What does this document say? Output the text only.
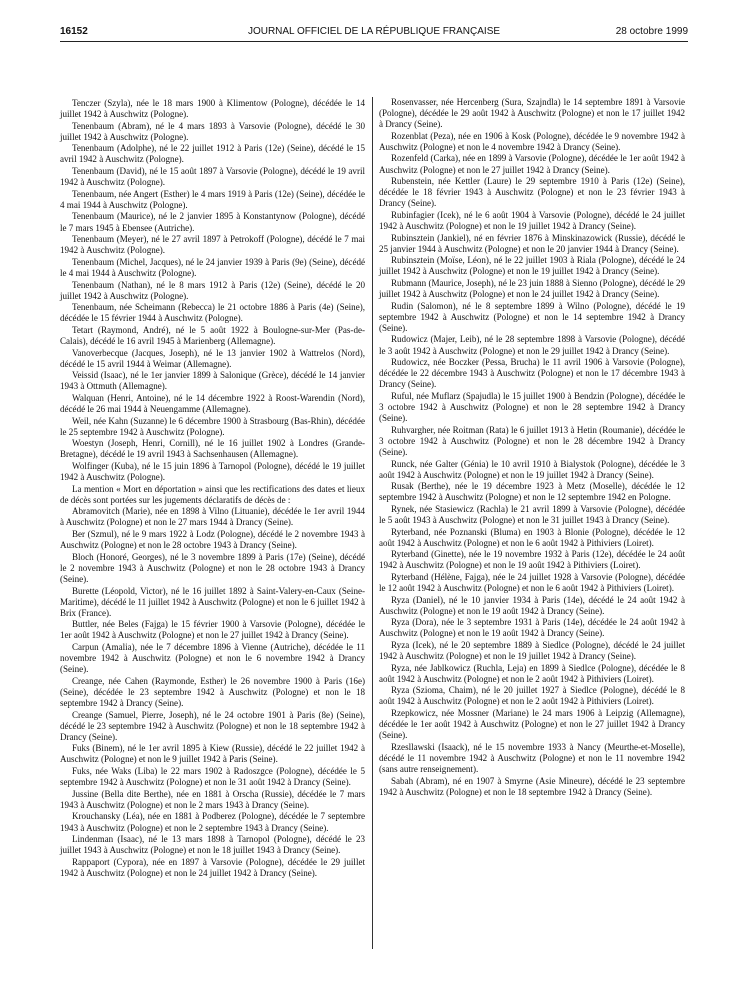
16152	JOURNAL OFFICIEL DE LA RÉPUBLIQUE FRANÇAISE	28 octobre 1999

Tenczer (Szyla), née le 18 mars 1900 à Klimentow (Pologne), décédée le 14 juillet 1942 à Auschwitz (Pologne).

Tenenbaum (Abram), né le 4 mars 1893 à Varsovie (Pologne), décédé le 30 juillet 1942 à Auschwitz (Pologne).

Tenenbaum (Adolphe), né le 22 juillet 1912 à Paris (12e) (Seine), décédé le 15 avril 1942 à Auschwitz (Pologne).

Tenenbaum (David), né le 15 août 1897 à Varsovie (Pologne), décédé le 19 avril 1942 à Auschwitz (Pologne).

Tenenbaum, née Angert (Esther) le 4 mars 1919 à Paris (12e) (Seine), décédée le 4 mai 1944 à Auschwitz (Pologne).

Tenenbaum (Maurice), né le 2 janvier 1895 à Konstantynow (Pologne), décédé le 7 mars 1945 à Ebensee (Autriche).

Tenenbaum (Meyer), né le 27 avril 1897 à Petrokoff (Pologne), décédé le 7 mai 1942 à Auschwitz (Pologne).

Tenenbaum (Michel, Jacques), né le 24 janvier 1939 à Paris (9e) (Seine), décédé le 4 mai 1944 à Auschwitz (Pologne).

Tenenbaum (Nathan), né le 8 mars 1912 à Paris (12e) (Seine), décédé le 20 juillet 1942 à Auschwitz (Pologne).

Tenenbaum, née Scheimann (Rebecca) le 21 octobre 1886 à Paris (4e) (Seine), décédée le 15 février 1944 à Auschwitz (Pologne).

Tetart (Raymond, André), né le 5 août 1922 à Boulogne-sur-Mer (Pas-de-Calais), décédé le 16 avril 1945 à Marienberg (Allemagne).

Vanoverbecque (Jacques, Joseph), né le 13 janvier 1902 à Wattrelos (Nord), décédé le 15 avril 1944 à Weimar (Allemagne).

Veissid (Isaac), né le 1er janvier 1899 à Salonique (Grèce), décédé le 14 janvier 1943 à Ottmuth (Allemagne).

Walquan (Henri, Antoine), né le 14 décembre 1922 à Roost-Warendin (Nord), décédé le 26 mai 1944 à Neuengamme (Allemagne).

Weil, née Kahn (Suzanne) le 6 décembre 1900 à Strasbourg (Bas-Rhin), décédée le 25 septembre 1942 à Auschwitz (Pologne).

Woestyn (Joseph, Henri, Cornill), né le 16 juillet 1902 à Londres (Grande-Bretagne), décédé le 19 avril 1943 à Sachsenhausen (Allemagne).

Wolfinger (Kuba), né le 15 juin 1896 à Tarnopol (Pologne), décédé le 19 juillet 1942 à Auschwitz (Pologne).

La mention « Mort en déportation » ainsi que les rectifications des dates et lieux de décès sont portées sur les jugements déclaratifs de décès de :

Abramovitch (Marie), née en 1898 à Vilno (Lituanie), décédée le 1er avril 1944 à Auschwitz (Pologne) et non le 27 mars 1944 à Drancy (Seine).

Ber (Szmul), né le 9 mars 1922 à Lodz (Pologne), décédé le 2 novembre 1943 à Auschwitz (Pologne) et non le 28 octobre 1943 à Drancy (Seine).

Bloch (Honoré, Georges), né le 3 novembre 1899 à Paris (17e) (Seine), décédé le 2 novembre 1943 à Auschwitz (Pologne) et non le 28 octobre 1943 à Drancy (Seine).

Burette (Léopold, Victor), né le 16 juillet 1892 à Saint-Valery-en-Caux (Seine-Maritime), décédé le 11 juillet 1942 à Auschwitz (Pologne) et non le 6 juillet 1942 à Brix (France).

Buttler, née Beles (Fajga) le 15 février 1900 à Varsovie (Pologne), décédée le 1er août 1942 à Auschwitz (Pologne) et non le 27 juillet 1942 à Drancy (Seine).

Carpun (Amalia), née le 7 décembre 1896 à Vienne (Autriche), décédée le 11 novembre 1942 à Auschwitz (Pologne) et non le 6 novembre 1942 à Drancy (Seine).

Creange, née Cahen (Raymonde, Esther) le 26 novembre 1900 à Paris (16e) (Seine), décédée le 23 septembre 1942 à Auschwitz (Pologne) et non le 18 septembre 1942 à Drancy (Seine).

Creange (Samuel, Pierre, Joseph), né le 24 octobre 1901 à Paris (8e) (Seine), décédé le 23 septembre 1942 à Auschwitz (Pologne) et non le 18 septembre 1942 à Drancy (Seine).

Fuks (Binem), né le 1er avril 1895 à Kiew (Russie), décédé le 22 juillet 1942 à Auschwitz (Pologne) et non le 9 juillet 1942 à Paris (Seine).

Fuks, née Waks (Liba) le 22 mars 1902 à Radoszgce (Pologne), décédée le 5 septembre 1942 à Auschwitz (Pologne) et non le 31 août 1942 à Drancy (Seine).

Jussine (Bella dite Berthe), née en 1881 à Orscha (Russie), décédée le 7 mars 1943 à Auschwitz (Pologne) et non le 2 mars 1943 à Drancy (Seine).

Krouchansky (Léa), née en 1881 à Podberez (Pologne), décédée le 7 septembre 1943 à Auschwitz (Pologne) et non le 2 septembre 1943 à Drancy (Seine).

Lindenman (Isaac), né le 13 mars 1898 à Tarnopol (Pologne), décédé le 23 juillet 1943 à Auschwitz (Pologne) et non le 18 juillet 1943 à Drancy (Seine).

Rappaport (Cypora), née en 1897 à Varsovie (Pologne), décédée le 29 juillet 1942 à Auschwitz (Pologne) et non le 24 juillet 1942 à Drancy (Seine).

Rosenvasser, née Hercenberg (Sura, Szajndla) le 14 septembre 1891 à Varsovie (Pologne), décédée le 29 août 1942 à Auschwitz (Pologne) et non le 17 juillet 1942 à Drancy (Seine).

Rozenblat (Peza), née en 1906 à Kosk (Pologne), décédée le 9 novembre 1942 à Auschwitz (Pologne) et non le 4 novembre 1942 à Drancy (Seine).

Rozenfeld (Carka), née en 1899 à Varsovie (Pologne), décédée le 1er août 1942 à Auschwitz (Pologne) et non le 27 juillet 1942 à Drancy (Seine).

Rubenstein, née Kettler (Laure) le 29 septembre 1910 à Paris (12e) (Seine), décédée le 18 février 1943 à Auschwitz (Pologne) et non le 23 février 1943 à Drancy (Seine).

Rubinfagier (Icek), né le 6 août 1904 à Varsovie (Pologne), décédé le 24 juillet 1942 à Auschwitz (Pologne) et non le 19 juillet 1942 à Drancy (Seine).

Rubinsztein (Jankiel), né en février 1876 à Minskinazowick (Russie), décédé le 25 janvier 1944 à Auschwitz (Pologne) et non le 20 janvier 1944 à Drancy (Seine).

Rubinsztein (Moïse, Léon), né le 22 juillet 1903 à Riala (Pologne), décédé le 24 juillet 1942 à Auschwitz (Pologne) et non le 19 juillet 1942 à Drancy (Seine).

Rubmann (Maurice, Joseph), né le 23 juin 1888 à Sienno (Pologne), décédé le 29 juillet 1942 à Auschwitz (Pologne) et non le 24 juillet 1942 à Drancy (Seine).

Rudin (Salomon), né le 8 septembre 1899 à Wilno (Pologne), décédé le 19 septembre 1942 à Auschwitz (Pologne) et non le 14 septembre 1942 à Drancy (Seine).

Rudowicz (Majer, Leib), né le 28 septembre 1898 à Varsovie (Pologne), décédé le 3 août 1942 à Auschwitz (Pologne) et non le 29 juillet 1942 à Drancy (Seine).

Rudowicz, née Boczker (Pessa, Brucha) le 11 avril 1906 à Varsovie (Pologne), décédée le 22 décembre 1943 à Auschwitz (Pologne) et non le 17 décembre 1943 à Drancy (Seine).

Ruful, née Muflarz (Spajudla) le 15 juillet 1900 à Bendzin (Pologne), décédée le 3 octobre 1942 à Auschwitz (Pologne) et non le 28 septembre 1942 à Drancy (Seine).

Ruhvargher, née Roitman (Rata) le 6 juillet 1913 à Hetin (Roumanie), décédée le 3 octobre 1942 à Auschwitz (Pologne) et non le 28 décembre 1942 à Drancy (Seine).

Runck, née Galter (Génia) le 10 avril 1910 à Bialystok (Pologne), décédée le 3 août 1942 à Auschwitz (Pologne) et non le 19 juillet 1942 à Drancy (Seine).

Rusak (Berthe), née le 19 décembre 1923 à Metz (Moselle), décédée le 12 septembre 1942 à Auschwitz (Pologne) et non le 12 septembre 1942 en Pologne.

Rynek, née Stasiewicz (Rachla) le 21 avril 1899 à Varsovie (Pologne), décédée le 5 août 1943 à Auschwitz (Pologne) et non le 31 juillet 1943 à Drancy (Seine).

Ryterband, née Poznanski (Bluma) en 1903 à Blonie (Pologne), décédée le 12 août 1942 à Auschwitz (Pologne) et non le 6 août 1942 à Pithiviers (Loiret).

Ryterband (Ginette), née le 19 novembre 1932 à Paris (12e), décédée le 24 août 1942 à Auschwitz (Pologne) et non le 19 août 1942 à Pithiviers (Loiret).

Ryterband (Hélène, Fajga), née le 24 juillet 1928 à Varsovie (Pologne), décédée le 12 août 1942 à Auschwitz (Pologne) et non le 6 août 1942 à Pithiviers (Loiret).

Ryza (Daniel), né le 10 janvier 1934 à Paris (14e), décédé le 24 août 1942 à Auschwitz (Pologne) et non le 19 août 1942 à Drancy (Seine).

Ryza (Dora), née le 3 septembre 1931 à Paris (14e), décédée le 24 août 1942 à Auschwitz (Pologne) et non le 19 août 1942 à Drancy (Seine).

Ryza (Icek), né le 20 septembre 1889 à Siedlce (Pologne), décédé le 24 juillet 1942 à Auschwitz (Pologne) et non le 19 juillet 1942 à Drancy (Seine).

Ryza, née Jablkowicz (Ruchla, Leja) en 1899 à Siedlce (Pologne), décédée le 8 août 1942 à Auschwitz (Pologne) et non le 2 août 1942 à Pithiviers (Loiret).

Ryza (Szioma, Chaim), né le 20 juillet 1927 à Siedlce (Pologne), décédé le 8 août 1942 à Auschwitz (Pologne) et non le 2 août 1942 à Pithiviers (Loiret).

Rzepkowicz, née Mossner (Mariane) le 24 mars 1906 à Leipzig (Allemagne), décédée le 1er août 1942 à Auschwitz (Pologne) et non le 27 juillet 1942 à Drancy (Seine).

Rzesllawski (Isaack), né le 15 novembre 1933 à Nancy (Meurthe-et-Moselle), décédé le 11 novembre 1942 à Auschwitz (Pologne) et non le 11 novembre 1942 (sans autre renseignement).

Sabah (Abram), né en 1907 à Smyrne (Asie Mineure), décédé le 23 septembre 1942 à Auschwitz (Pologne) et non le 18 septembre 1942 à Drancy (Seine).
